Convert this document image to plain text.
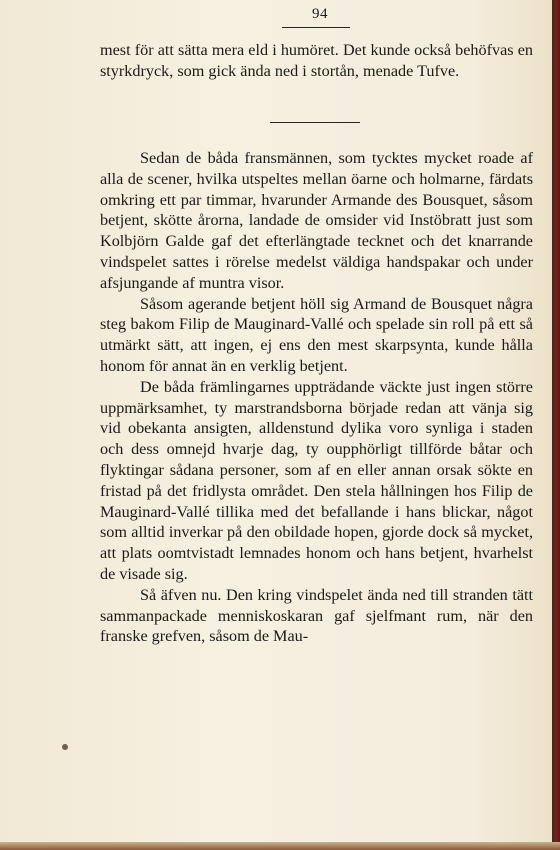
94

mest för att sätta mera eld i humöret. Det kunde också behöfvas en styrkdryck, som gick ända ned i stortån, menade Tufve.

Sedan de båda fransmännen, som tycktes mycket roade af alla de scener, hvilka utspeltes mellan öarne och holmarne, färdats omkring ett par timmar, hvarunder Armande des Bousquet, såsom betjent, skötte årorna, landade de omsider vid Instöbratt just som Kolbjörn Galde gaf det efterlängtade tecknet och det knarrande vindspelet sattes i rörelse medelst väldiga handspakar och under afsjungande af muntra visor.

Såsom agerande betjent höll sig Armand de Bousquet några steg bakom Filip de Mauginard-Vallé och spelade sin roll på ett så utmärkt sätt, att ingen, ej ens den mest skarpsynta, kunde hålla honom för annat än en verklig betjent.

De båda främlingarnes uppträdande väckte just ingen större uppmärksamhet, ty marstrandsborna började redan att vänja sig vid obekanta ansigten, alldenstund dylika voro synliga i staden och dess omnejd hvarje dag, ty oupphörligt tillförde båtar och flyktingar sådana personer, som af en eller annan orsak sökte en fristad på det fridlysta området. Den stela hållningen hos Filip de Mauginard-Vallé tillika med det befallande i hans blickar, något som alltid inverkar på den obildade hopen, gjorde dock så mycket, att plats oomtvistadt lemnades honom och hans betjent, hvarhelst de visade sig.

Så äfven nu. Den kring vindspelet ända ned till stranden tätt sammanpackade menniskoskaran gaf sjelfmant rum, när den franske grefven, såsom de Mau-
